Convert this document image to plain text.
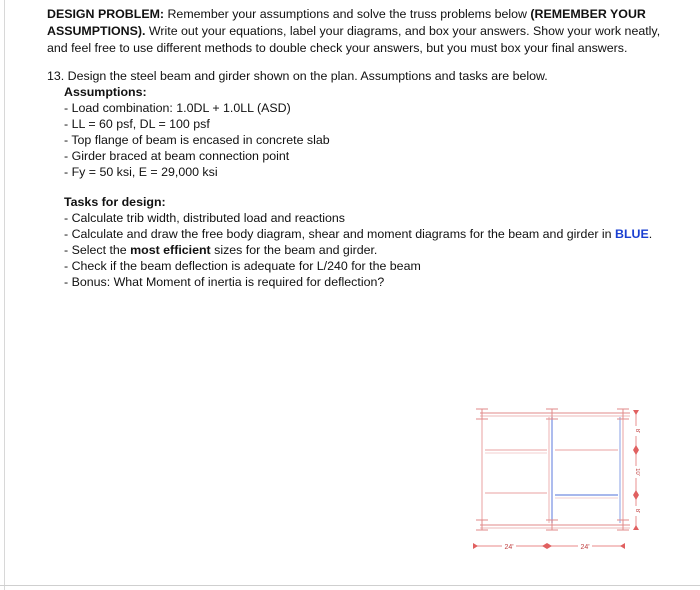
DESIGN PROBLEM: Remember your assumptions and solve the truss problems below (REMEMBER YOUR ASSUMPTIONS). Write out your equations, label your diagrams, and box your answers. Show your work neatly, and feel free to use different methods to double check your answers, but you must box your final answers.
13. Design the steel beam and girder shown on the plan. Assumptions and tasks are below.
Assumptions:
- Load combination: 1.0DL + 1.0LL (ASD)
- LL = 60 psf, DL = 100 psf
- Top flange of beam is encased in concrete slab
- Girder braced at beam connection point
- Fy = 50 ksi, E = 29,000 ksi
Tasks for design:
- Calculate trib width, distributed load and reactions
- Calculate and draw the free body diagram, shear and moment diagrams for the beam and girder in BLUE.
- Select the most efficient sizes for the beam and girder.
- Check if the beam deflection is adequate for L/240 for the beam
- Bonus: What Moment of inertia is required for deflection?
24'	24'
8'
10'
8'
